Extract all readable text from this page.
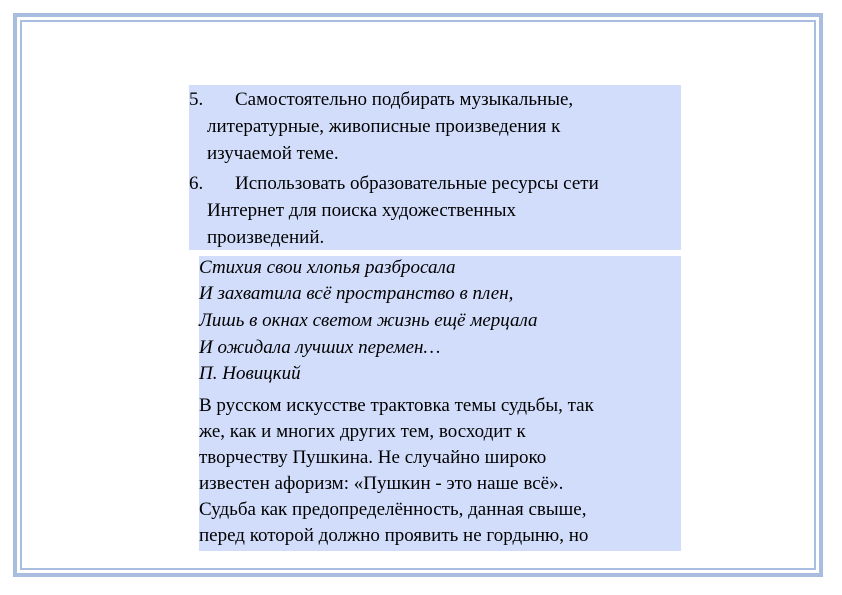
5. Самостоятельно подбирать музыкальные,
литературные, живописные произведения к
изучаемой теме.
6. Использовать образовательные ресурсы сети
Интернет для поиска художественных
произведений.
Стихия свои хлопья разбросала
И захватила всё пространство в плен,
Лишь в окнах светом жизнь ещё мерцала
И ожидала лучших перемен…
П. Новицкий
В русском искусстве трактовка темы судьбы, так
же, как и многих других тем, восходит к
творчеству Пушкина. Не случайно широко
известен афоризм: «Пушкин - это наше всё».
Судьба как предопределённость, данная свыше,
перед которой должно проявить не гордыню, но
